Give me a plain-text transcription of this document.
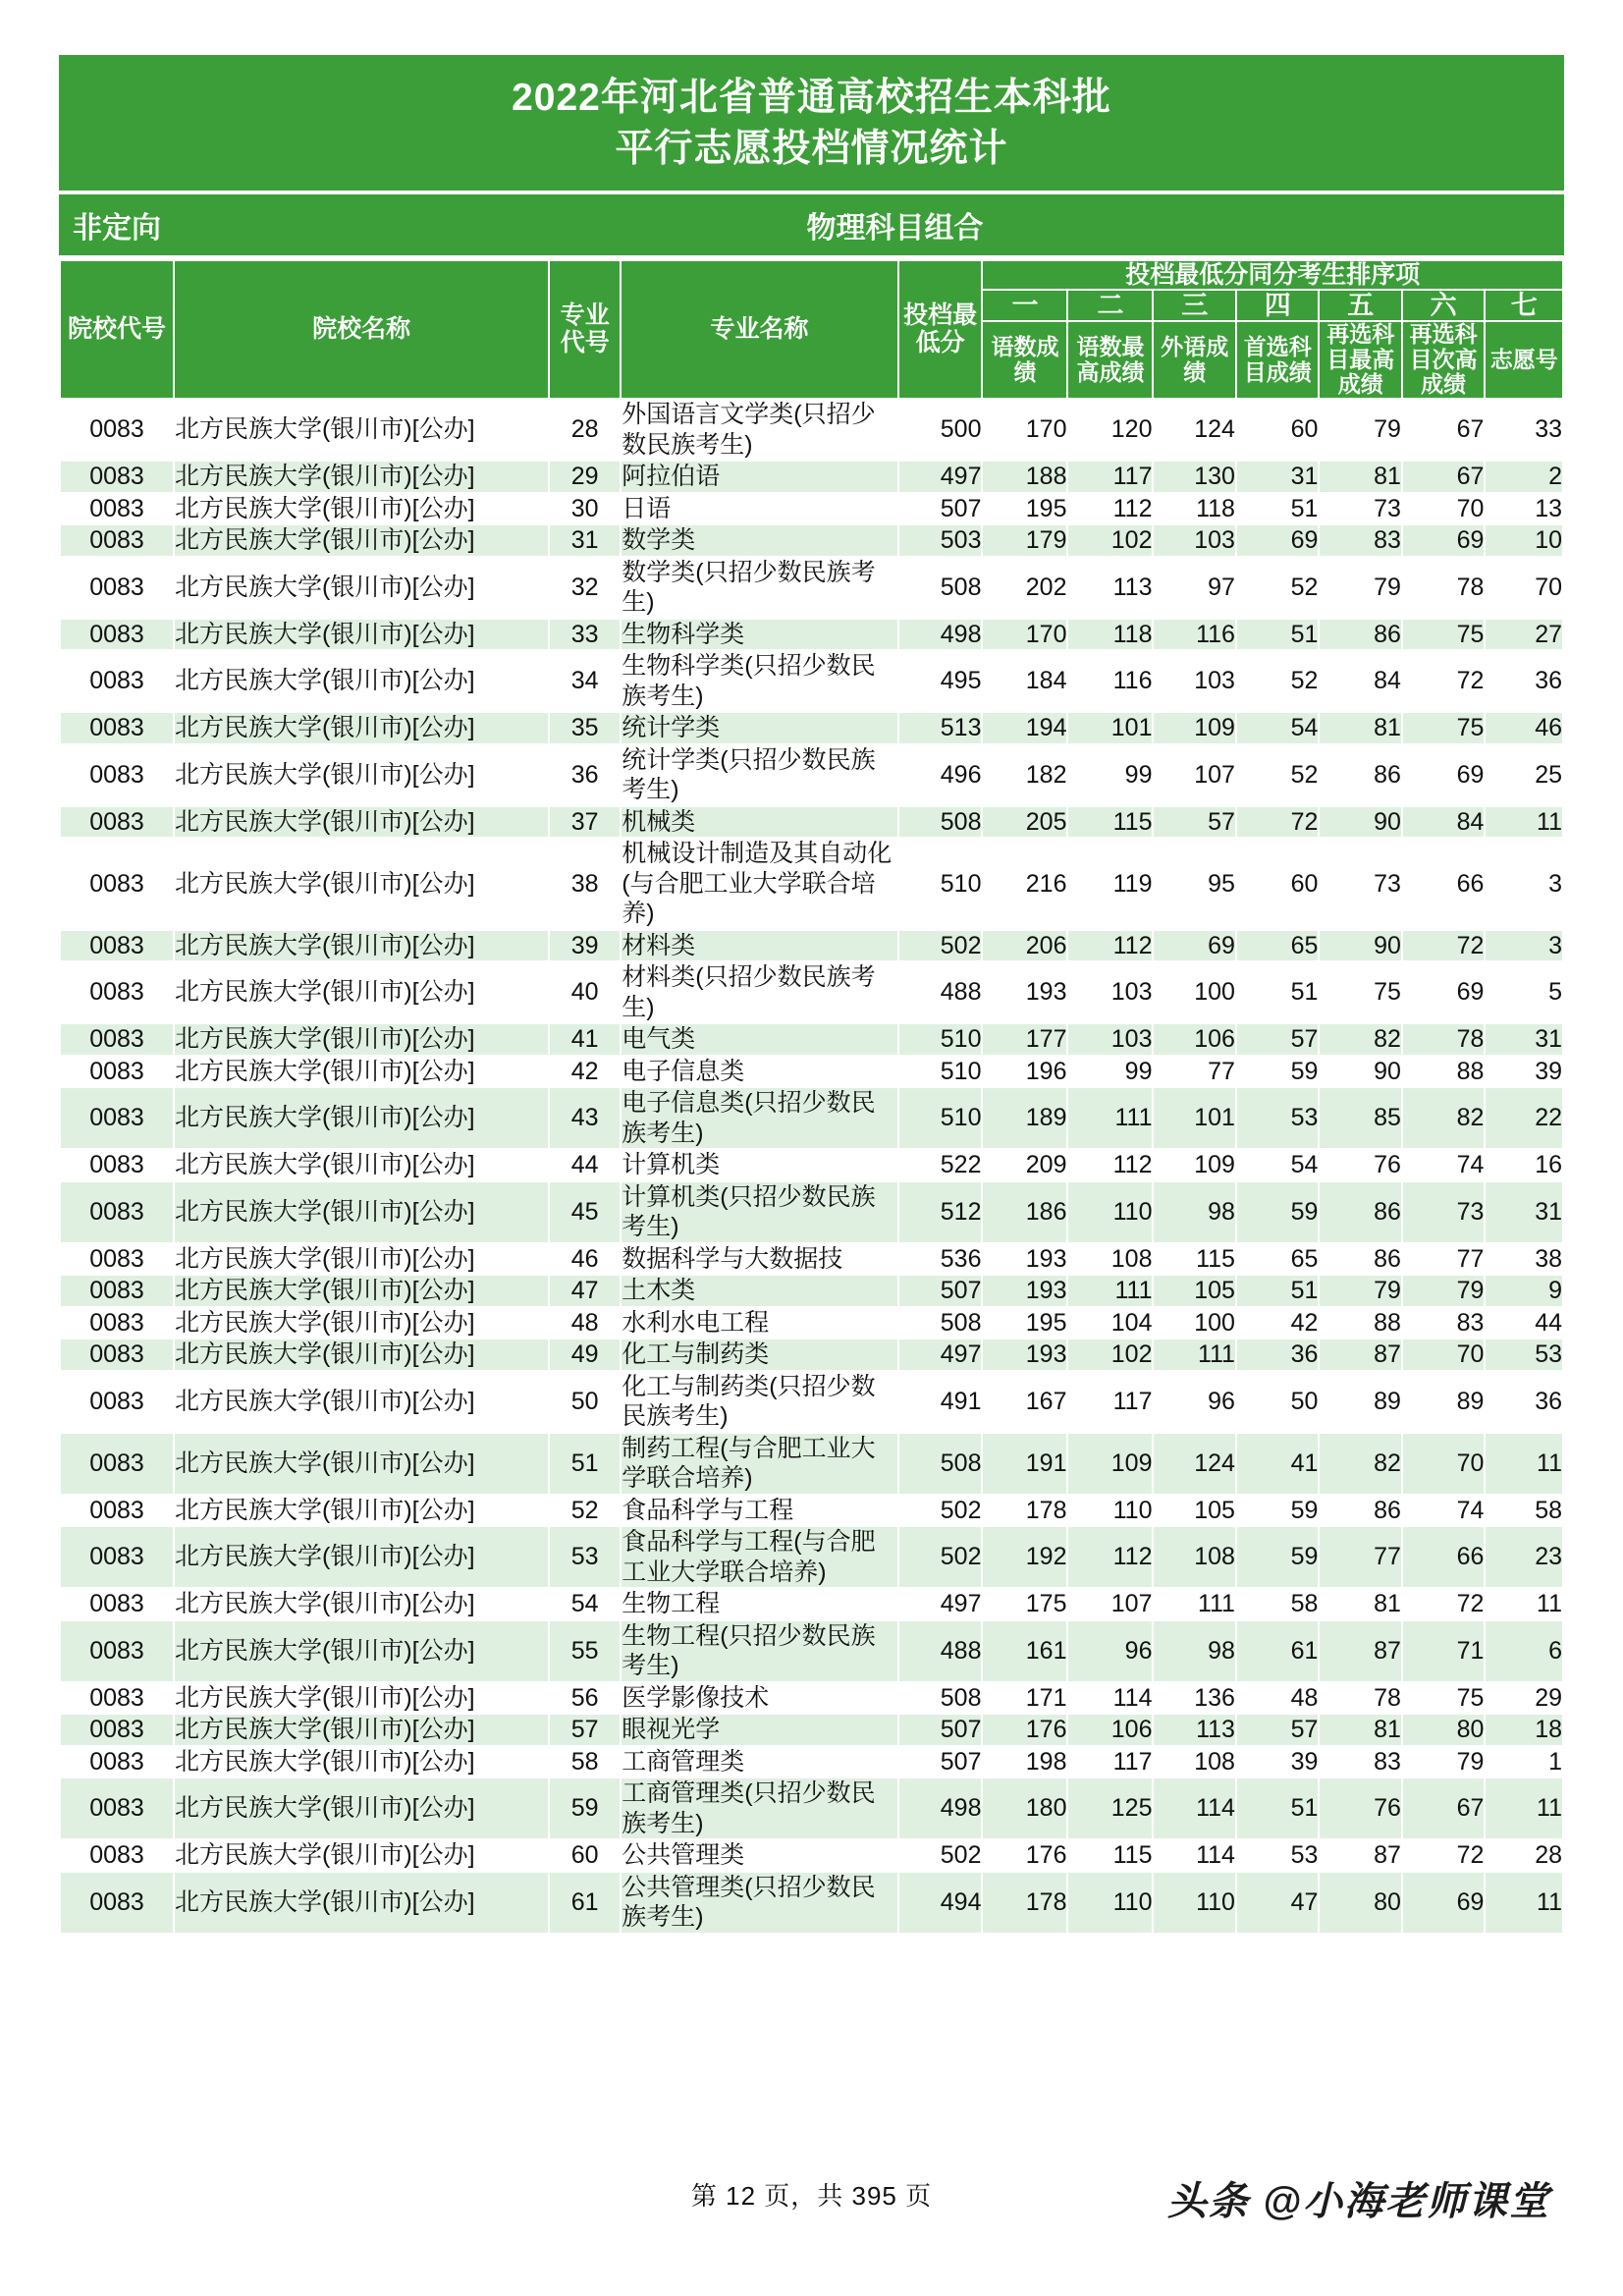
2022年河北省普通高校招生本科批
平行志愿投档情况统计
非定向	物理科目组合
院校代号	院校名称	专业代号	专业名称	投档最低分	投档最低分同分考生排序项						
					一	二	三	四	五	六	七
					语数成绩	语数最高成绩	外语成绩	首选科目成绩	再选科目最高成绩	再选科目次高成绩	志愿号
0083	北方民族大学(银川市)[公办]	28	外国语言文学类(只招少数民族考生)	500	170	120	124	60	79	67	33
0083	北方民族大学(银川市)[公办]	29	阿拉伯语	497	188	117	130	31	81	67	2
0083	北方民族大学(银川市)[公办]	30	日语	507	195	112	118	51	73	70	13
0083	北方民族大学(银川市)[公办]	31	数学类	503	179	102	103	69	83	69	10
0083	北方民族大学(银川市)[公办]	32	数学类(只招少数民族考生)	508	202	113	97	52	79	78	70
0083	北方民族大学(银川市)[公办]	33	生物科学类	498	170	118	116	51	86	75	27
0083	北方民族大学(银川市)[公办]	34	生物科学类(只招少数民族考生)	495	184	116	103	52	84	72	36
0083	北方民族大学(银川市)[公办]	35	统计学类	513	194	101	109	54	81	75	46
0083	北方民族大学(银川市)[公办]	36	统计学类(只招少数民族考生)	496	182	99	107	52	86	69	25
0083	北方民族大学(银川市)[公办]	37	机械类	508	205	115	57	72	90	84	11
0083	北方民族大学(银川市)[公办]	38	机械设计制造及其自动化(与合肥工业大学联合培养)	510	216	119	95	60	73	66	3
0083	北方民族大学(银川市)[公办]	39	材料类	502	206	112	69	65	90	72	3
0083	北方民族大学(银川市)[公办]	40	材料类(只招少数民族考生)	488	193	103	100	51	75	69	5
0083	北方民族大学(银川市)[公办]	41	电气类	510	177	103	106	57	82	78	31
0083	北方民族大学(银川市)[公办]	42	电子信息类	510	196	99	77	59	90	88	39
0083	北方民族大学(银川市)[公办]	43	电子信息类(只招少数民族考生)	510	189	111	101	53	85	82	22
0083	北方民族大学(银川市)[公办]	44	计算机类	522	209	112	109	54	76	74	16
0083	北方民族大学(银川市)[公办]	45	计算机类(只招少数民族考生)	512	186	110	98	59	86	73	31
0083	北方民族大学(银川市)[公办]	46	数据科学与大数据技	536	193	108	115	65	86	77	38
0083	北方民族大学(银川市)[公办]	47	土木类	507	193	111	105	51	79	79	9
0083	北方民族大学(银川市)[公办]	48	水利水电工程	508	195	104	100	42	88	83	44
0083	北方民族大学(银川市)[公办]	49	化工与制药类	497	193	102	111	36	87	70	53
0083	北方民族大学(银川市)[公办]	50	化工与制药类(只招少数民族考生)	491	167	117	96	50	89	89	36
0083	北方民族大学(银川市)[公办]	51	制药工程(与合肥工业大学联合培养)	508	191	109	124	41	82	70	11
0083	北方民族大学(银川市)[公办]	52	食品科学与工程	502	178	110	105	59	86	74	58
0083	北方民族大学(银川市)[公办]	53	食品科学与工程(与合肥工业大学联合培养)	502	192	112	108	59	77	66	23
0083	北方民族大学(银川市)[公办]	54	生物工程	497	175	107	111	58	81	72	11
0083	北方民族大学(银川市)[公办]	55	生物工程(只招少数民族考生)	488	161	96	98	61	87	71	6
0083	北方民族大学(银川市)[公办]	56	医学影像技术	508	171	114	136	48	78	75	29
0083	北方民族大学(银川市)[公办]	57	眼视光学	507	176	106	113	57	81	80	18
0083	北方民族大学(银川市)[公办]	58	工商管理类	507	198	117	108	39	83	79	1
0083	北方民族大学(银川市)[公办]	59	工商管理类(只招少数民族考生)	498	180	125	114	51	76	67	11
0083	北方民族大学(银川市)[公办]	60	公共管理类	502	176	115	114	53	87	72	28
0083	北方民族大学(银川市)[公办]	61	公共管理类(只招少数民族考生)	494	178	110	110	47	80	69	11
第 12 页，共 395 页	头条 @小海老师课堂
